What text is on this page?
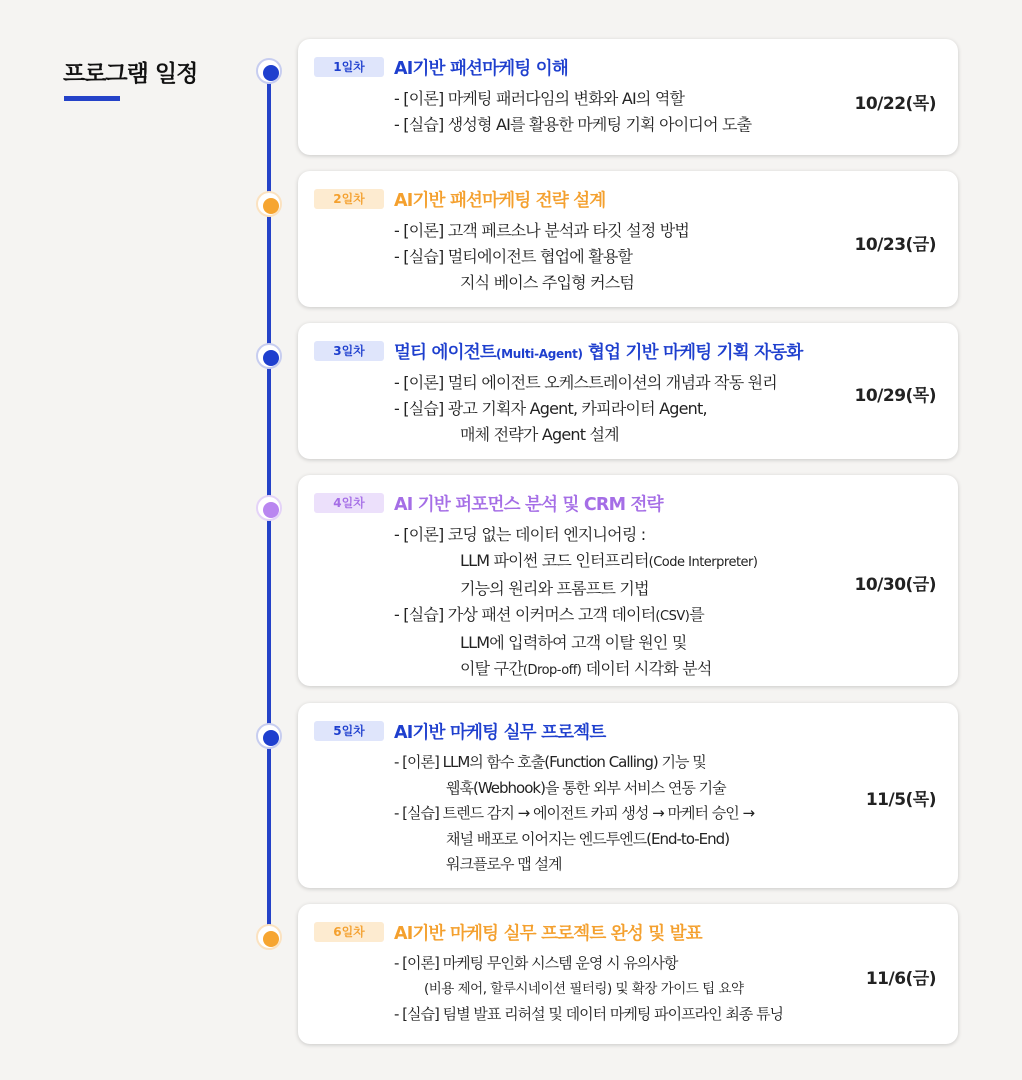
프로그램 일정	1일차	AI기반 패션마케팅 이해
- [이론] 마케팅 패러다임의 변화와 AI의 역할
- [실습] 생성형 AI를 활용한 마케팅 기획 아이디어 도출
10/22(목)
2일차	AI기반 패션마케팅 전략 설계
- [이론] 고객 페르소나 분석과 타깃 설정 방법
- [실습] 멀티에이전트 협업에 활용할
지식 베이스 주입형 커스텀
10/23(금)
3일차	멀티 에이전트(Multi-Agent) 협업 기반 마케팅 기획 자동화
- [이론] 멀티 에이전트 오케스트레이션의 개념과 작동 원리
- [실습] 광고 기획자 Agent, 카피라이터 Agent,
매체 전략가 Agent 설계
10/29(목)
4일차	AI 기반 퍼포먼스 분석 및 CRM 전략
- [이론] 코딩 없는 데이터 엔지니어링 :
LLM 파이썬 코드 인터프리터(Code Interpreter)
기능의 원리와 프롬프트 기법
- [실습] 가상 패션 이커머스 고객 데이터(CSV)를
LLM에 입력하여 고객 이탈 원인 및
이탈 구간(Drop-off) 데이터 시각화 분석
10/30(금)
5일차	AI기반 마케팅 실무 프로젝트
- [이론] LLM의 함수 호출(Function Calling) 기능 및
웹훅(Webhook)을 통한 외부 서비스 연동 기술
- [실습] 트렌드 감지 → 에이전트 카피 생성 → 마케터 승인 →
채널 배포로 이어지는 엔드투엔드(End-to-End)
워크플로우 맵 설계
11/5(목)
6일차	AI기반 마케팅 실무 프로젝트 완성 및 발표
- [이론] 마케팅 무인화 시스템 운영 시 유의사항
(비용 제어, 할루시네이션 필터링) 및 확장 가이드 팁 요약
- [실습] 팀별 발표 리허설 및 데이터 마케팅 파이프라인 최종 튜닝
11/6(금)
